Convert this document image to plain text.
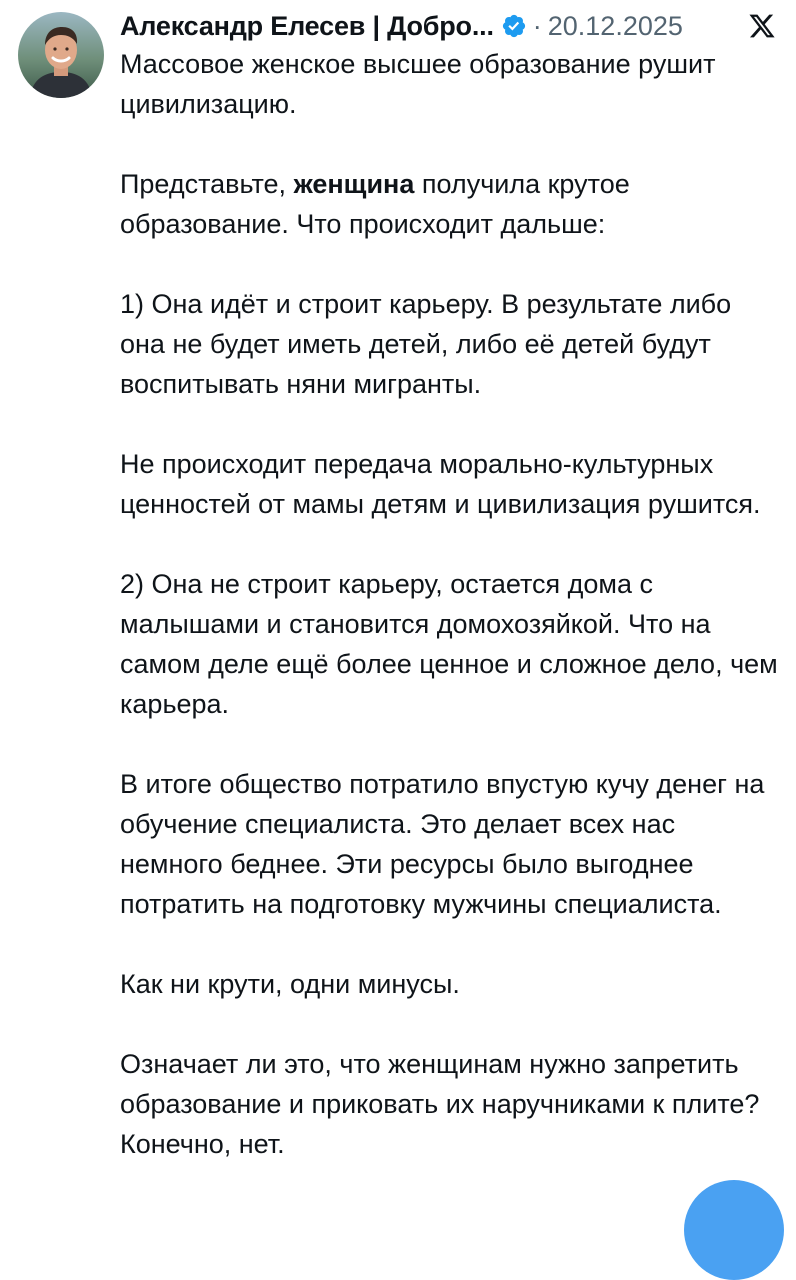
Александр Елесев | Добро... · 20.12.2025

Массовое женское высшее образование рушит цивилизацию.

Представьте, женщина получила крутое образование. Что происходит дальше:

1) Она идёт и строит карьеру. В результате либо она не будет иметь детей, либо её детей будут воспитывать няни мигранты.

Не происходит передача морально-культурных ценностей от мамы детям и цивилизация рушится.

2) Она не строит карьеру, остается дома с малышами и становится домохозяйкой. Что на самом деле ещё более ценное и сложное дело, чем карьера.

В итоге общество потратило впустую кучу денег на обучение специалиста. Это делает всех нас немного беднее. Эти ресурсы было выгоднее потратить на подготовку мужчины специалиста.

Как ни крути, одни минусы.

Означает ли это, что женщинам нужно запретить образование и приковать их наручниками к плите? Конечно, нет.
